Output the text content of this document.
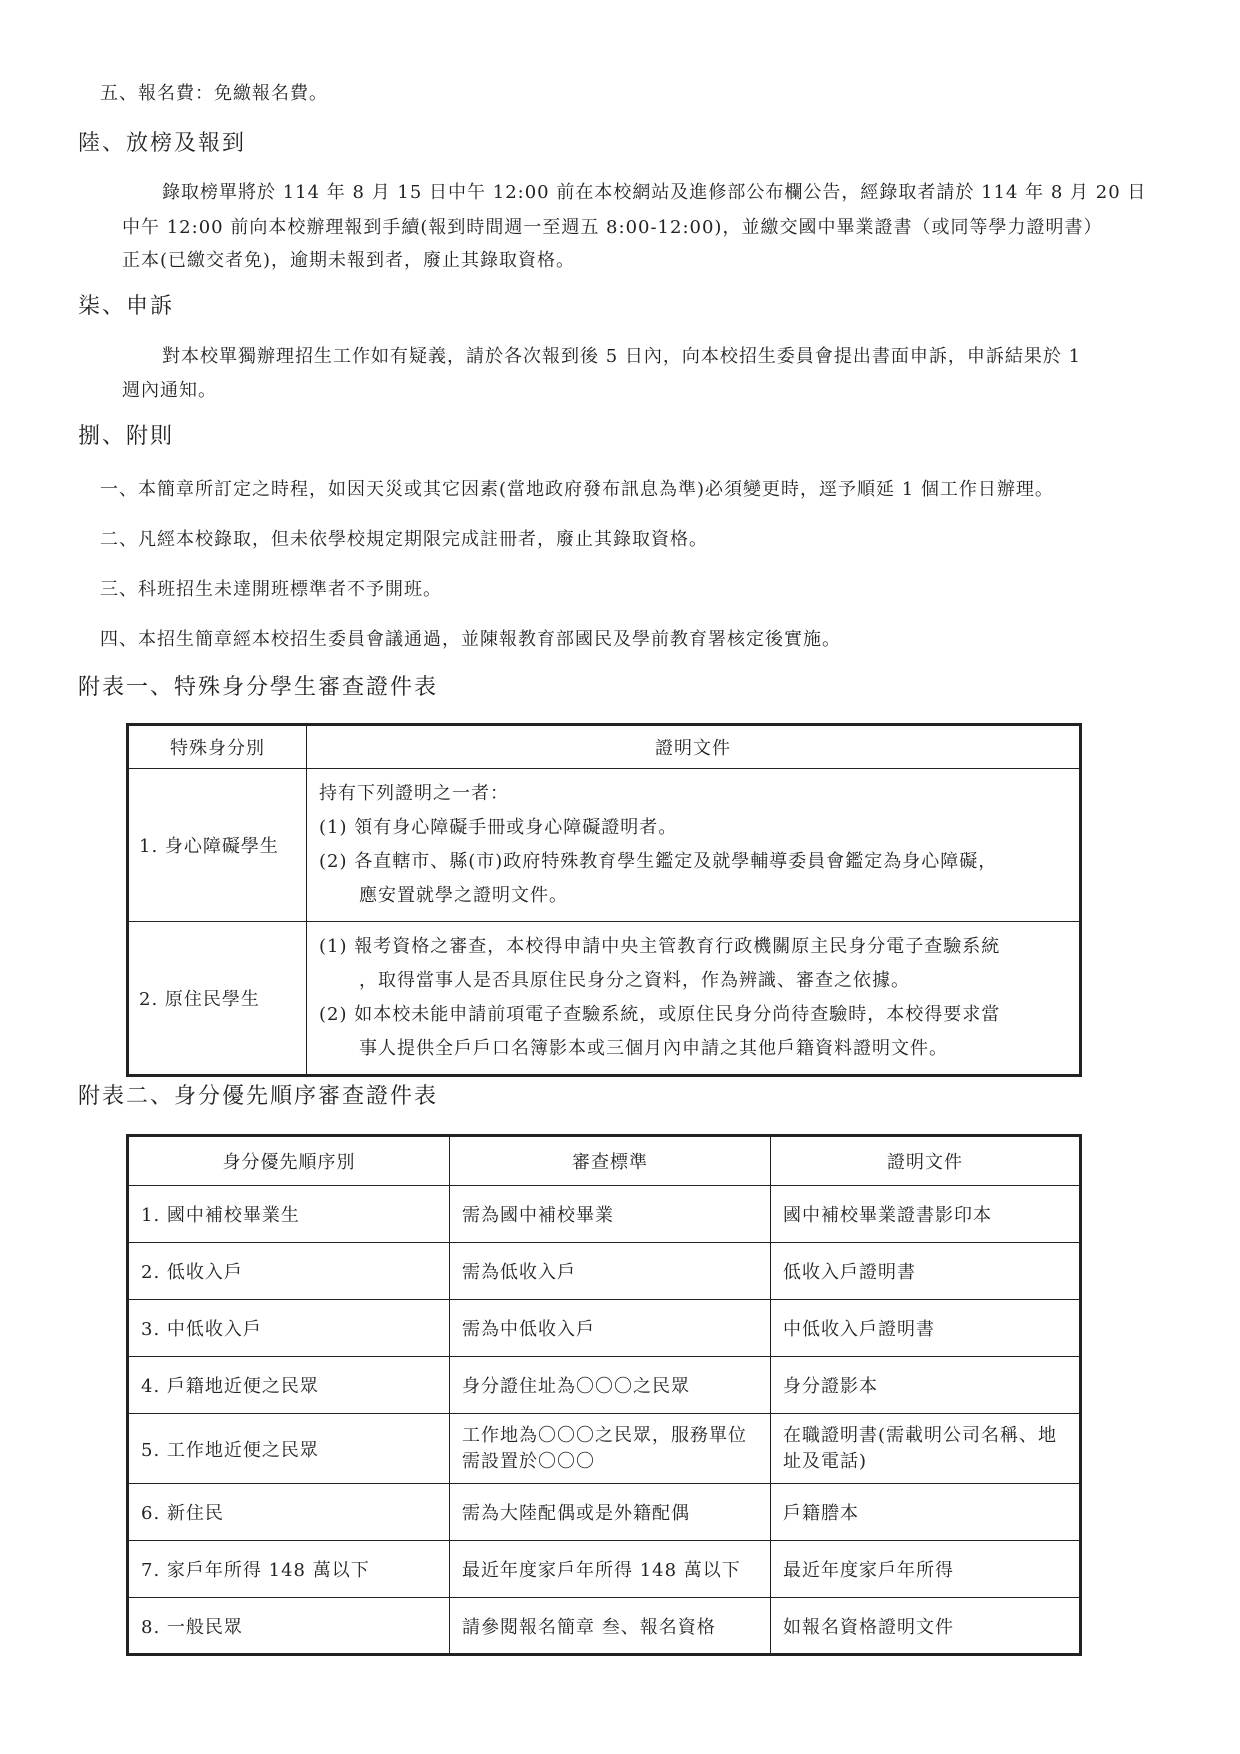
五、報名費：免繳報名費。
陸、放榜及報到
錄取榜單將於 114 年 8 月 15 日中午 12:00 前在本校網站及進修部公布欄公告，經錄取者請於 114 年 8 月 20 日
中午 12:00 前向本校辦理報到手續(報到時間週一至週五 8:00-12:00)，並繳交國中畢業證書（或同等學力證明書）
正本(已繳交者免)，逾期未報到者，廢止其錄取資格。
柒、申訴
對本校單獨辦理招生工作如有疑義，請於各次報到後 5 日內，向本校招生委員會提出書面申訴，申訴結果於 1
週內通知。
捌、附則
一、本簡章所訂定之時程，如因天災或其它因素(當地政府發布訊息為準)必須變更時，逕予順延 1 個工作日辦理。
二、凡經本校錄取，但未依學校規定期限完成註冊者，廢止其錄取資格。
三、科班招生未達開班標準者不予開班。
四、本招生簡章經本校招生委員會議通過，並陳報教育部國民及學前教育署核定後實施。
附表一、特殊身分學生審查證件表
特殊身分別	證明文件
1. 身心障礙學生	持有下列證明之一者：
(1) 領有身心障礙手冊或身心障礙證明者。
(2) 各直轄市、縣(市)政府特殊教育學生鑑定及就學輔導委員會鑑定為身心障礙，
應安置就學之證明文件。

2. 原住民學生	(1) 報考資格之審查，本校得申請中央主管教育行政機關原主民身分電子查驗系統
，取得當事人是否具原住民身分之資料，作為辨識、審查之依據。
(2) 如本校未能申請前項電子查驗系統，或原住民身分尚待查驗時，本校得要求當
事人提供全戶戶口名簿影本或三個月內申請之其他戶籍資料證明文件。
附表二、身分優先順序審查證件表
身分優先順序別	審查標準	證明文件
1. 國中補校畢業生	需為國中補校畢業	國中補校畢業證書影印本
2. 低收入戶	需為低收入戶	低收入戶證明書
3. 中低收入戶	需為中低收入戶	中低收入戶證明書
4. 戶籍地近便之民眾	身分證住址為〇〇〇之民眾	身分證影本
5. 工作地近便之民眾	工作地為〇〇〇之民眾，服務單位需設置於〇〇〇	在職證明書(需載明公司名稱、地址及電話)
6. 新住民	需為大陸配偶或是外籍配偶	戶籍謄本
7. 家戶年所得 148 萬以下	最近年度家戶年所得 148 萬以下	最近年度家戶年所得
8. 一般民眾	請參閱報名簡章 叁、報名資格	如報名資格證明文件
